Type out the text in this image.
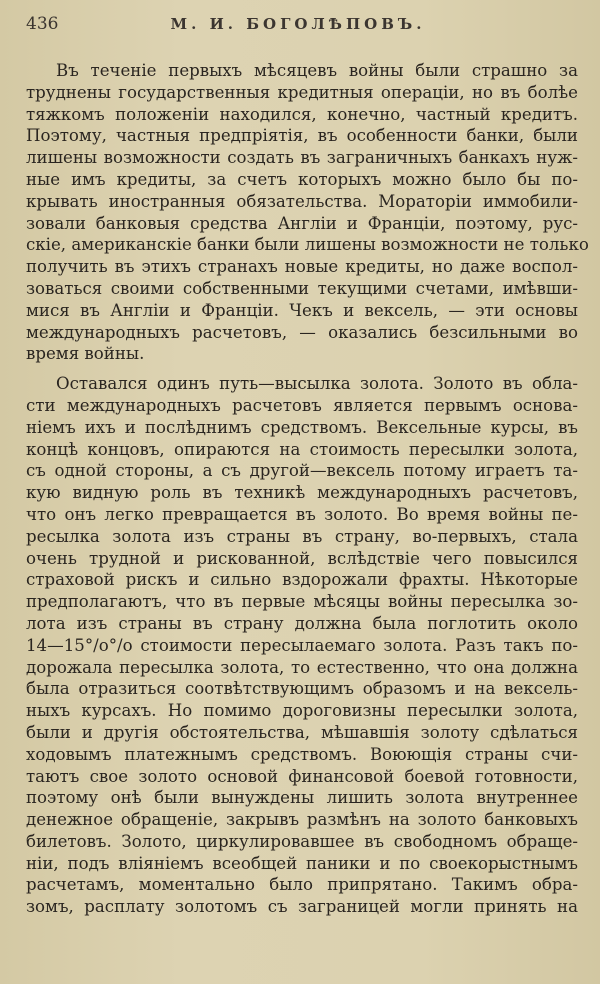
436	М. И. БОГОЛѢПОВЪ.
Въ теченіе первыхъ мѣсяцевъ войны были страшно за
труднены государственныя кредитныя операціи, но въ болѣе
тяжкомъ положеніи находился, конечно, частный кредитъ.
Поэтому, частныя предпріятія, въ особенности банки, были
лишены возможности создать въ заграничныхъ банкахъ нуж-
ные имъ кредиты, за счетъ которыхъ можно было бы по-
крывать иностранныя обязательства. Моратоpіи иммобили-
зовали банковыя средства Англіи и Франціи, поэтому, рус-
скіе, американскіе банки были лишены возможности не только
получить въ этихъ странахъ новые кредиты, но даже воспол-
зоваться своими собственными текущими счетами, имѣвши-
мися въ Англіи и Франціи. Чекъ и вексель, — эти основы
международныхъ расчетовъ, — оказались безсильными во
время войны.
Оставался одинъ путь—высылка золота. Золото въ обла-
сти международныхъ расчетовъ является первымъ основа-
ніемъ ихъ и послѣднимъ средствомъ. Вексельные курсы, въ
концѣ концовъ, опираются на стоимость пересылки золота,
съ одной стороны, а съ другой—вексель потому играетъ та-
кую видную роль въ техникѣ международныхъ расчетовъ,
что онъ легко превращается въ золото. Во время войны пе-
ресылка золота изъ страны въ страну, во-первыхъ, стала
очень трудной и рискованной, вслѣдствіе чего повысился
страховой рискъ и сильно вздорожали фрахты. Нѣкоторые
предполагаютъ, что въ первые мѣсяцы войны пересылка зо-
лота изъ страны въ страну должна была поглотить около
14—15°/о°/о стоимости пересылаемаго золота. Разъ такъ по-
дорожала пересылка золота, то естественно, что она должна
была отразиться соотвѣтствующимъ образомъ и на вексель-
ныхъ курсахъ. Но помимо дороговизны пересылки золота,
были и другія обстоятельства, мѣшавшія золоту сдѣлаться
ходовымъ платежнымъ средствомъ. Воюющія страны счи-
таютъ свое золото основой финансовой боевой готовности,
поэтому онѣ были вынуждены лишить золота внутреннее
денежное обращеніе, закрывъ размѣнъ на золото банковыхъ
билетовъ. Золото, циркулировавшее въ свободномъ обраще-
ніи, подъ вліяніемъ всеобщей паники и по своекорыстнымъ
расчетамъ, моментально было припрятано. Такимъ обра-
зомъ, расплату золотомъ съ заграницей могли принять на
